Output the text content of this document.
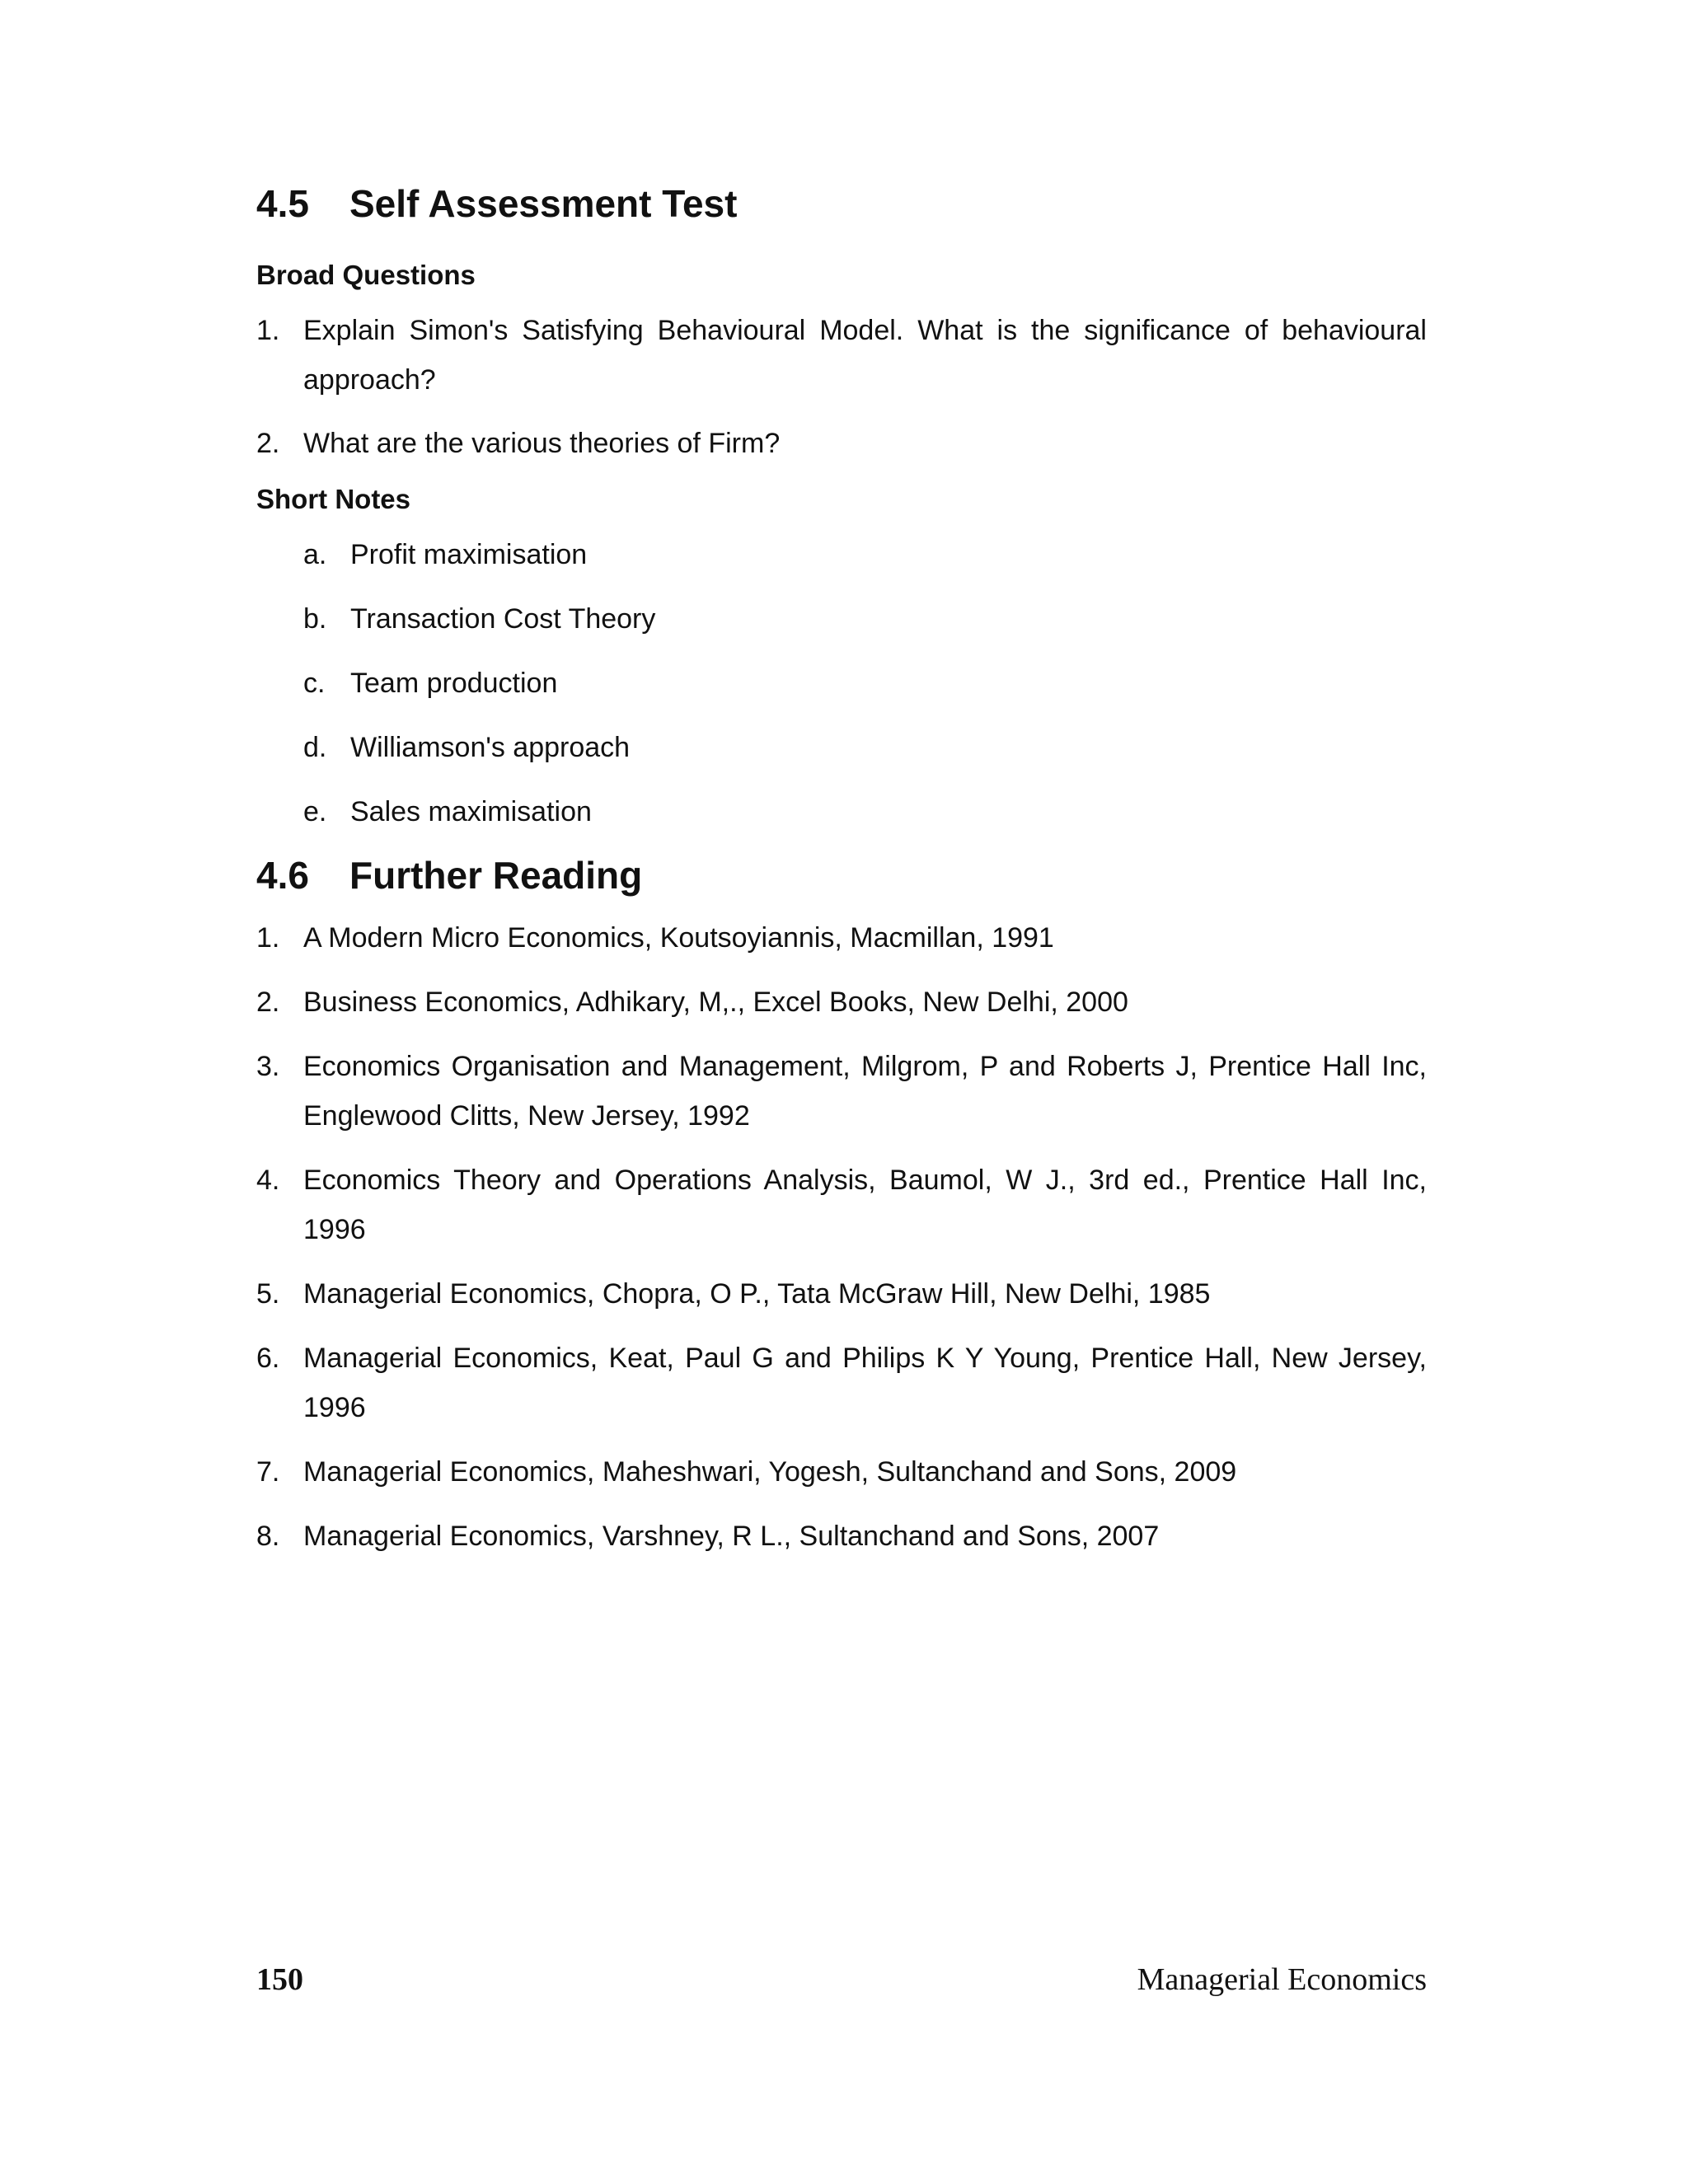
4.5	Self Assessment Test
Broad Questions
1. Explain Simon's Satisfying Behavioural Model. What is the significance of behavioural approach?
2. What are the various theories of Firm?
Short Notes
a. Profit maximisation
b. Transaction Cost Theory
c. Team production
d. Williamson's approach
e. Sales maximisation
4.6	Further Reading
1. A Modern Micro Economics, Koutsoyiannis, Macmillan, 1991
2. Business Economics, Adhikary, M,., Excel Books, New Delhi, 2000
3. Economics Organisation and Management, Milgrom, P and Roberts J, Prentice Hall Inc, Englewood Clitts, New Jersey, 1992
4. Economics Theory and Operations Analysis, Baumol, W J., 3rd ed., Prentice Hall Inc, 1996
5. Managerial Economics, Chopra, O P., Tata McGraw Hill, New Delhi, 1985
6. Managerial Economics, Keat, Paul G and Philips K Y Young, Prentice Hall, New Jersey, 1996
7. Managerial Economics, Maheshwari, Yogesh, Sultanchand and Sons, 2009
8. Managerial Economics, Varshney, R L., Sultanchand and Sons, 2007
150	Managerial Economics
